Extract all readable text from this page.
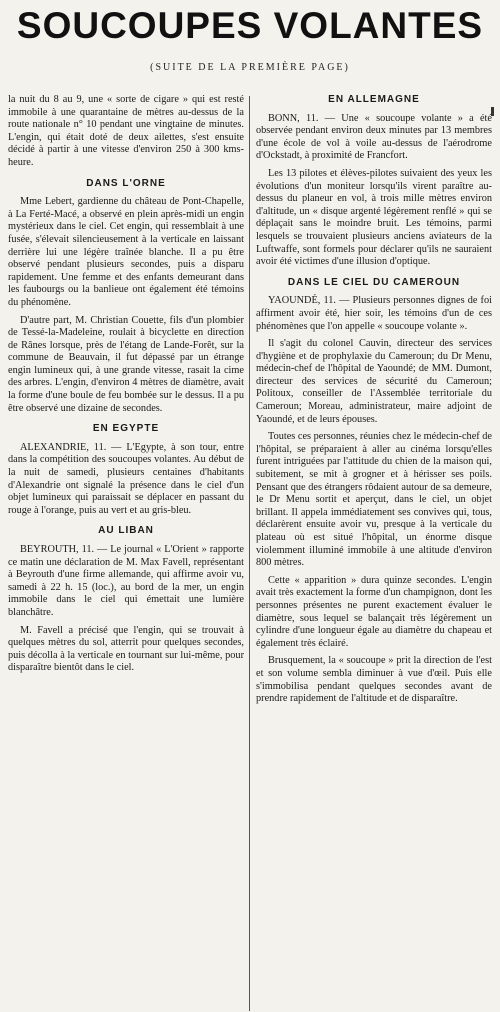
SOUCOUPES VOLANTES
(SUITE DE LA PREMIÈRE PAGE)

la nuit du 8 au 9, une « sorte de cigare » qui est resté immobile à une quarantaine de mètres au-dessus de la route nationale n° 10 pendant une vingtaine de minutes. L'engin, qui était doté de deux ailettes, s'est ensuite décidé à partir à une vitesse d'environ 250 à 300 kms-heure.

DANS L'ORNE

Mme Lebert, gardienne du château de Pont-Chapelle, à La Ferté-Macé, a observé en plein après-midi un engin mystérieux dans le ciel. Cet engin, qui ressemblait à une fusée, s'élevait silencieusement à la verticale en laissant derrière lui une légère traînée blanche. Il a pu être observé pendant plusieurs secondes, puis a disparu rapidement. Une femme et des enfants demeurant dans les faubourgs ou la banlieue ont également été témoins du phénomène.

D'autre part, M. Christian Couette, fils d'un plombier de Tessé-la-Madeleine, roulait à bicyclette en direction de Rânes lorsque, près de l'étang de Lande-Forêt, sur la commune de Beauvain, il fut dépassé par un étrange engin lumineux qui, à une grande vitesse, rasait la cime des arbres. L'engin, d'environ 4 mètres de diamètre, avait la forme d'une boule de feu bombée sur le dessus. Il a pu être observé une dizaine de secondes.

EN EGYPTE

ALEXANDRIE, 11. — L'Egypte, à son tour, entre dans la compétition des soucoupes volantes. Au début de la nuit de samedi, plusieurs centaines d'habitants d'Alexandrie ont signalé la présence dans le ciel d'un objet lumineux qui paraissait se déplacer en passant du rouge à l'orange, puis au vert et au gris-bleu.

AU LIBAN

BEYROUTH, 11. — Le journal « L'Orient » rapporte ce matin une déclaration de M. Max Favell, représentant à Beyrouth d'une firme allemande, qui affirme avoir vu, samedi à 22 h. 15 (loc.), au bord de la mer, un engin immobile dans le ciel qui émettait une lumière blanchâtre.

M. Favell a précisé que l'engin, qui se trouvait à quelques mètres du sol, atterrit pour quelques secondes, puis décolla à la verticale en tournant sur lui-même, pour disparaître bientôt dans le ciel.

EN ALLEMAGNE

BONN, 11. — Une « soucoupe volante » a été observée pendant environ deux minutes par 13 membres d'une école de vol à voile au-dessus de l'aérodrome d'Ockstadt, à proximité de Francfort.

Les 13 pilotes et élèves-pilotes suivaient des yeux les évolutions d'un moniteur lorsqu'ils virent paraître au-dessus du planeur en vol, à trois mille mètres environ d'altitude, un « disque argenté légèrement renflé » qui se déplaçait sans le moindre bruit. Les témoins, parmi lesquels se trouvaient plusieurs anciens aviateurs de la Luftwaffe, sont formels pour déclarer qu'ils ne sauraient avoir été victimes d'une illusion d'optique.

DANS LE CIEL DU CAMEROUN

YAOUNDÉ, 11. — Plusieurs personnes dignes de foi affirment avoir été, hier soir, les témoins d'un de ces phénomènes que l'on appelle « soucoupe volante ».

Il s'agit du colonel Cauvin, directeur des services d'hygiène et de prophylaxie du Cameroun; du Dr Menu, médecin-chef de l'hôpital de Yaoundé; de MM. Dumont, directeur des services de sécurité du Cameroun; Politoux, conseiller de l'Assemblée territoriale du Cameroun; Moreau, administrateur, maire adjoint de Yaoundé, et de leurs épouses.

Toutes ces personnes, réunies chez le médecin-chef de l'hôpital, se préparaient à aller au cinéma lorsqu'elles furent intriguées par l'attitude du chien de la maison qui, subitement, se mit à grogner et à hérisser ses poils. Pensant que des étrangers rôdaient autour de sa demeure, le Dr Menu sortit et aperçut, dans le ciel, un objet brillant. Il appela immédiatement ses convives qui, tous, déclarèrent ensuite avoir vu, presque à la verticale du plateau où est situé l'hôpital, un énorme disque violemment illuminé immobile à une altitude d'environ 800 mètres.

Cette « apparition » dura quinze secondes. L'engin avait très exactement la forme d'un champignon, dont les personnes présentes ne purent exactement évaluer le diamètre, sous lequel se balançait très légèrement un cylindre d'une longueur égale au diamètre du chapeau et également très éclairé.

Brusquement, la « soucoupe » prit la direction de l'est et son volume sembla diminuer à vue d'œil. Puis elle s'immobilisa pendant quelques secondes avant de prendre rapidement de l'altitude et de disparaître.
